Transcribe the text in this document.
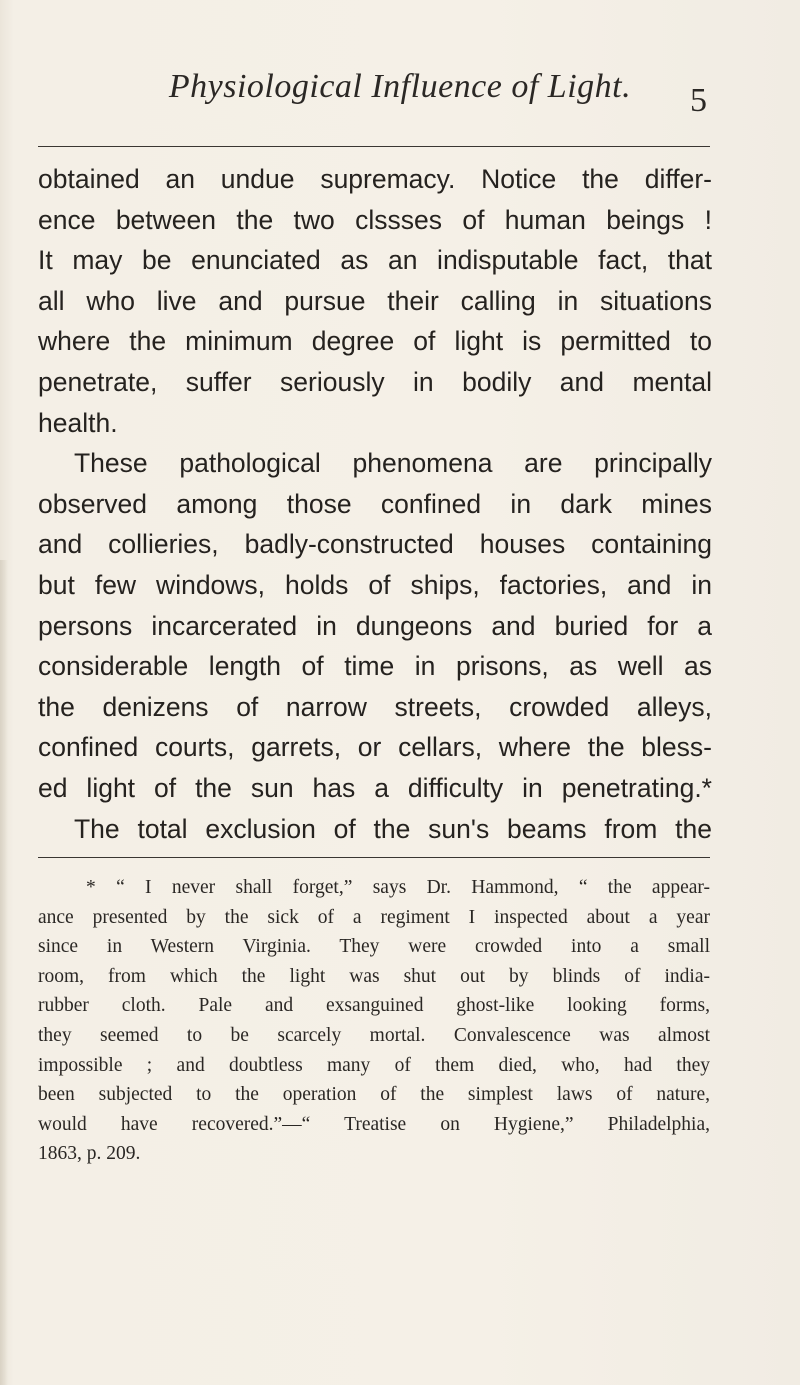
Physiological Influence of Light. 5
obtained an undue supremacy. Notice the differ-
ence between the two clssses of human beings !
It may be enunciated as an indisputable fact, that
all who live and pursue their calling in situations
where the minimum degree of light is permitted to
penetrate, suffer seriously in bodily and mental
health.
These pathological phenomena are principally
observed among those confined in dark mines
and collieries, badly-constructed houses containing
but few windows, holds of ships, factories, and in
persons incarcerated in dungeons and buried for a
considerable length of time in prisons, as well as
the denizens of narrow streets, crowded alleys,
confined courts, garrets, or cellars, where the bless-
ed light of the sun has a difficulty in penetrating.*
The total exclusion of the sun's beams from the
* “ I never shall forget,” says Dr. Hammond, “ the appear-
ance presented by the sick of a regiment I inspected about a year
since in Western Virginia. They were crowded into a small
room, from which the light was shut out by blinds of india-
rubber cloth. Pale and exsanguined ghost-like looking forms,
they seemed to be scarcely mortal. Convalescence was almost
impossible ; and doubtless many of them died, who, had they
been subjected to the operation of the simplest laws of nature,
would have recovered.”—“ Treatise on Hygiene,” Philadelphia,
1863, p. 209.
